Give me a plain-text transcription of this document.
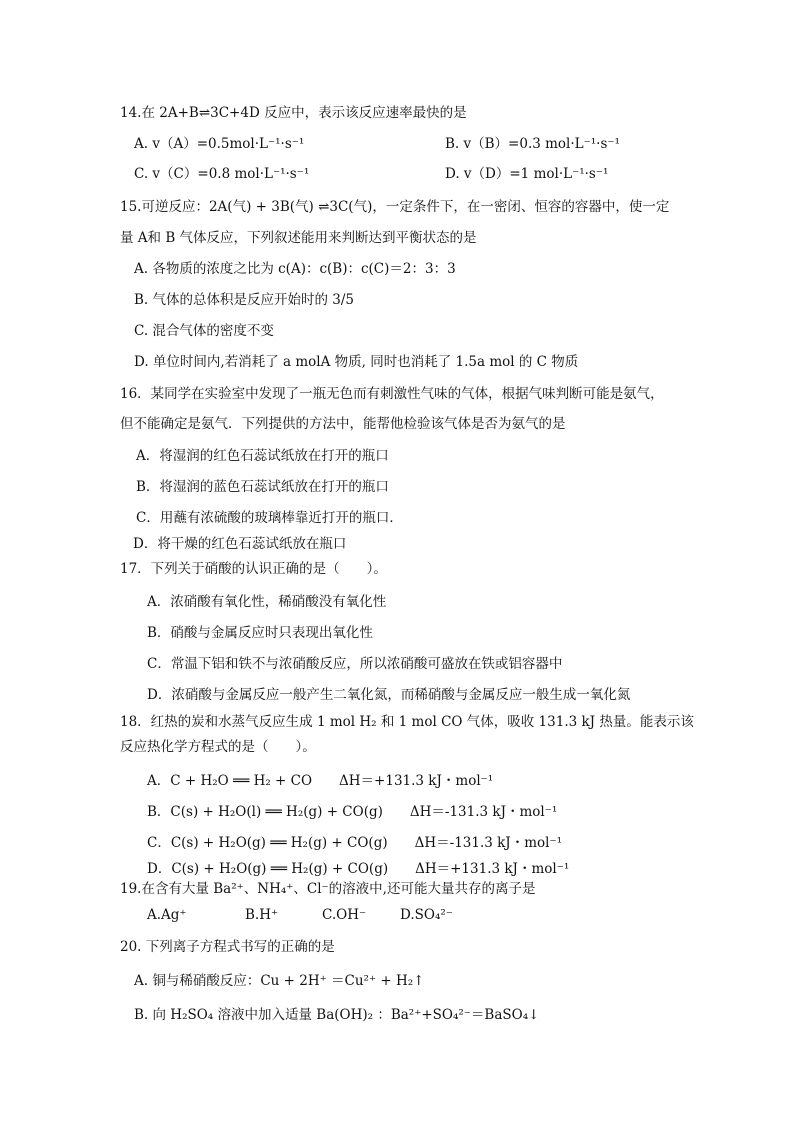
14.在 2A+B⇌3C+4D 反应中，表示该反应速率最快的是
A. v（A）=0.5mol·L⁻¹·s⁻¹	B. v（B）=0.3 mol·L⁻¹·s⁻¹
C. v（C）=0.8 mol·L⁻¹·s⁻¹	D. v（D）=1 mol·L⁻¹·s⁻¹
15.可逆反应：2A(气) + 3B(气) ⇌3C(气)，一定条件下，在一密闭、恒容的容器中，使一定
量 A和 B 气体反应，下列叙述能用来判断达到平衡状态的是
A. 各物质的浓度之比为 c(A)：c(B)：c(C)＝2：3：3
B. 气体的总体积是反应开始时的 3/5
C. 混合气体的密度不变
D. 单位时间内,若消耗了 a molA 物质, 同时也消耗了 1.5a mol 的 C 物质
16．某同学在实验室中发现了一瓶无色而有刺激性气味的气体，根据气味判断可能是氨气，
但不能确定是氨气．下列提供的方法中，能帮他检验该气体是否为氨气的是
A．将湿润的红色石蕊试纸放在打开的瓶口
B．将湿润的蓝色石蕊试纸放在打开的瓶口
C．用蘸有浓硫酸的玻璃棒靠近打开的瓶口．
D．将干燥的红色石蕊试纸放在瓶口
17．下列关于硝酸的认识正确的是（　　）。
A．浓硝酸有氧化性，稀硝酸没有氧化性
B．硝酸与金属反应时只表现出氧化性
C．常温下铝和铁不与浓硝酸反应，所以浓硝酸可盛放在铁或铝容器中
D．浓硝酸与金属反应一般产生二氧化氮，而稀硝酸与金属反应一般生成一氧化氮
18．红热的炭和水蒸气反应生成 1 mol H₂ 和 1 mol CO 气体，吸收 131.3 kJ 热量。能表示该
反应热化学方程式的是（　　）。
A．C + H₂O ══ H₂ + CO　　ΔH＝+131.3 kJ・mol⁻¹
B．C(s) + H₂O(l) ══ H₂(g) + CO(g)　　ΔH＝-131.3 kJ・mol⁻¹
C．C(s) + H₂O(g) ══ H₂(g) + CO(g)　　ΔH＝-131.3 kJ・mol⁻¹
D．C(s) + H₂O(g) ══ H₂(g) + CO(g)　　ΔH＝+131.3 kJ・mol⁻¹
19.在含有大量 Ba²⁺、NH₄⁺、Cl⁻的溶液中,还可能大量共存的离子是
A.Ag⁺	B.H⁺	C.OH⁻	D.SO₄²⁻
20. 下列离子方程式书写的正确的是
A. 铜与稀硝酸反应：Cu + 2H⁺ ＝Cu²⁺ + H₂↑
B. 向 H₂SO₄ 溶液中加入适量 Ba(OH)₂ ：Ba²⁺+SO₄²⁻＝BaSO₄↓
